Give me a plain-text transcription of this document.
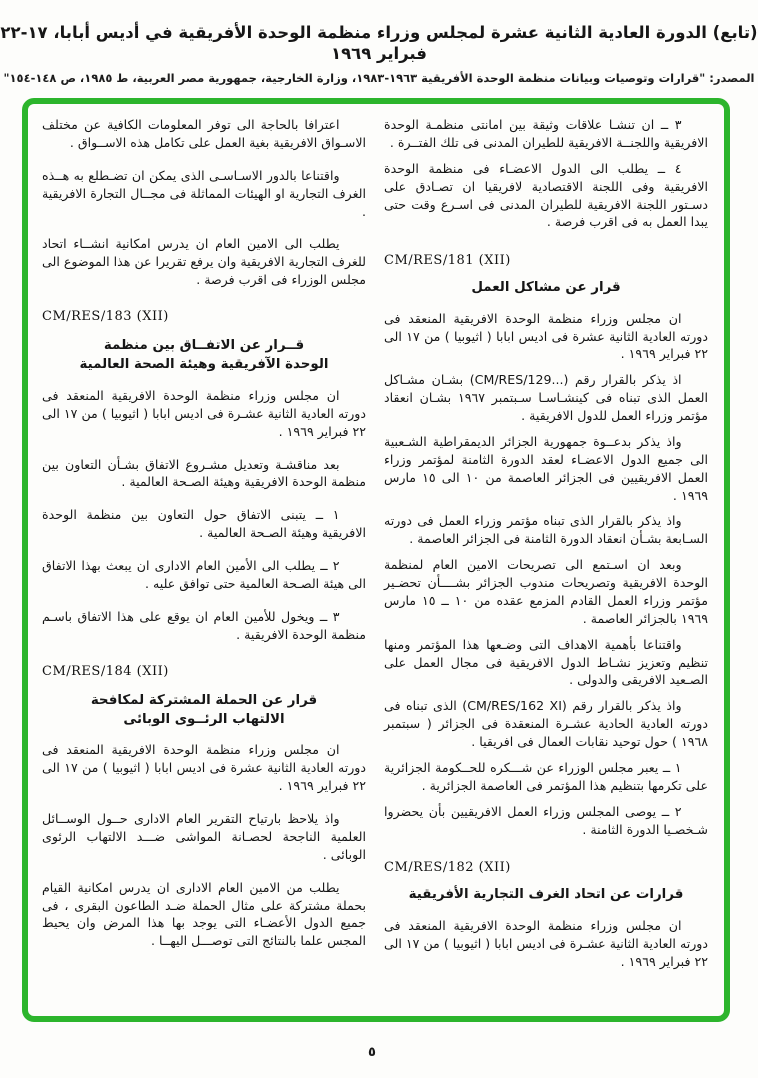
(تابع) الدورة العادية الثانية عشرة لمجلس وزراء منظمة الوحدة الأفريقية في أديس أبابا، ١٧-٢٢ فبراير ١٩٦٩
المصدر: "قرارات وتوصيات وبيانات منظمة الوحدة الأفريقية ١٩٦٣-١٩٨٣، وزارة الخارجية، جمهورية مصر العربية، ط ١٩٨٥، ص ١٤٨-١٥٤"

٣ ــ ان تنشـا علاقات وثيقة بين امانتى منظمـة الوحدة الافريقية واللجنــة الافريقية للطيران المدنى فى تلك الفتــرة .

٤ ــ يطلب الى الدول الاعضـاء فى منظمة الوحدة الافريقية وفى اللجنة الاقتصادية لافريقيا ان تصـادق على دسـتور اللجنة الافريقية للطيران المدنى فى اسـرع وقت حتى يبدا العمل به فى اقرب فرصة .

CM/RES/181 (XII)
قرار عن مشاكل العمل

ان مجلس وزراء منظمة الوحدة الافريقية المنعقد فى دورته العادية الثانية عشرة فى اديس ابابا ( اثيوبيا ) من ١٧ الى ٢٢ فبراير ١٩٦٩ .

اذ يذكر بالقرار رقم (...CM/RES/129) بشـان مشـاكل العمل الذى تبناه فى كينشـاسـا سـبتمبر ١٩٦٧ بشـان انعقاد مؤتمر وزراء العمل للدول الافريقية .

واذ يذكر بدعــوة جمهورية الجزائر الديمقراطية الشـعبية الى جميع الدول الاعضـاء لعقد الدورة الثامنة لمؤتمر وزراء العمل الافريقيين فى الجزائر العاصمة من ١٠ الى ١٥ مارس ١٩٦٩ .

واذ يذكر بالقرار الذى تبناه مؤتمر وزراء العمل فى دورته السـابعة بشـأن انعقاد الدورة الثامنة فى الجزائر العاصمة .

وبعد ان اسـتمع الى تصريحات الامين العام لمنظمة الوحدة الافريقية وتصريحات مندوب الجزائر بشــــأن تحضـير مؤتمر وزراء العمل القادم المزمع عقده من ١٠ ــ ١٥ مارس ١٩٦٩ بالجزائر العاصمة .

واقتناعا بأهمية الاهداف التى وضـعها هذا المؤتمر ومنها تنظيم وتعزيز نشـاط الدول الافريقية فى مجال العمل على الصـعيد الافريقى والدولى .

واذ يذكر بالقرار رقم (CM/RES/162 XI) الذى تبناه فى دورته العادية الحادية عشـرة المنعقدة فى الجزائر ( سبتمبر ١٩٦٨ ) حول توحيد نقابات العمال فى افريقيا .

١ ــ يعبر مجلس الوزراء عن شـــكره للحــكومة الجزائرية على تكرمها بتنظيم هذا المؤتمر فى العاصمة الجزائرية .

٢ ــ يوصى المجلس وزراء العمل الافريقيين بأن يحضروا شـخصـيا الدورة الثامنة .

CM/RES/182 (XII)
قرارات عن اتحاد الغرف التجارية الأفريقية

ان مجلس وزراء منظمة الوحدة الافريقية المنعقد فى دورته العادية الثانية عشـرة فى اديس ابابا ( اثيوبيا ) من ١٧ الى ٢٢ فبراير ١٩٦٩ .

اعترافا بالحاجة الى توفر المعلومات الكافية عن مختلف الاسـواق الافريقية بغية العمل على تكامل هذه الاســواق .

واقتناعا بالدور الاسـاسـى الذى يمكن ان تضـطلع به هــذه الغرف التجارية او الهيئات المماثلة فى مجــال التجارة الافريقية .

يطلب الى الامين العام ان يدرس امكانية انشــاء اتحاد للغرف التجارية الافريقية وان يرفع تقريرا عن هذا الموضوع الى مجلس الوزراء فى اقرب فرصة .

CM/RES/183 (XII)
قــرار عن الاتفــاق بين منظمة
الوحدة الآفريقية وهيئة الصحة العالمية

ان مجلس وزراء منظمة الوحدة الافريقية المنعقد فى دورته العادية الثانية عشـرة فى اديس ابابا ( اثيوبيا ) من ١٧ الى ٢٢ فبراير ١٩٦٩ .

بعد مناقشـة وتعديل مشـروع الاتفاق بشـأن التعاون بين منظمة الوحدة الافريقية وهيئة الصـحة العالمية .

١ ــ يتبنى الاتفاق حول التعاون بين منظمة الوحدة الافريقية وهيئة الصـحة العالمية .

٢ ــ يطلب الى الأمين العام الادارى ان يبعث بهذا الاتفاق الى هيئة الصـحة العالمية حتى توافق عليه .

٣ ــ ويخول للأمين العام ان يوقع على هذا الاتفاق باسـم منظمة الوحدة الافريقية .

CM/RES/184 (XII)
قرار عن الحملة المشتركة لمكافحة
الالتهاب الرئــوى الوبائى

ان مجلس وزراء منظمة الوحدة الافريقية المنعقد فى دورته العادية الثانية عشرة فى اديس ابابا ( اثيوبيا ) من ١٧ الى ٢٢ فبراير ١٩٦٩ .

واذ يلاحظ بارتياح التقرير العام الادارى حــول الوســائل العلمية الناجحة لحصـانة المواشى ضـــد الالتهاب الرئوى الوبائى .

يطلب من الامين العام الادارى ان يدرس امكانية القيام بحملة مشتركة على مثال الحملة ضـد الطاعون البقرى ، فى جميع الدول الأعضـاء التى يوجد بها هذا المرض وان يحيط المجس علما بالنتائج التى توصـــل اليهــا .

٥
